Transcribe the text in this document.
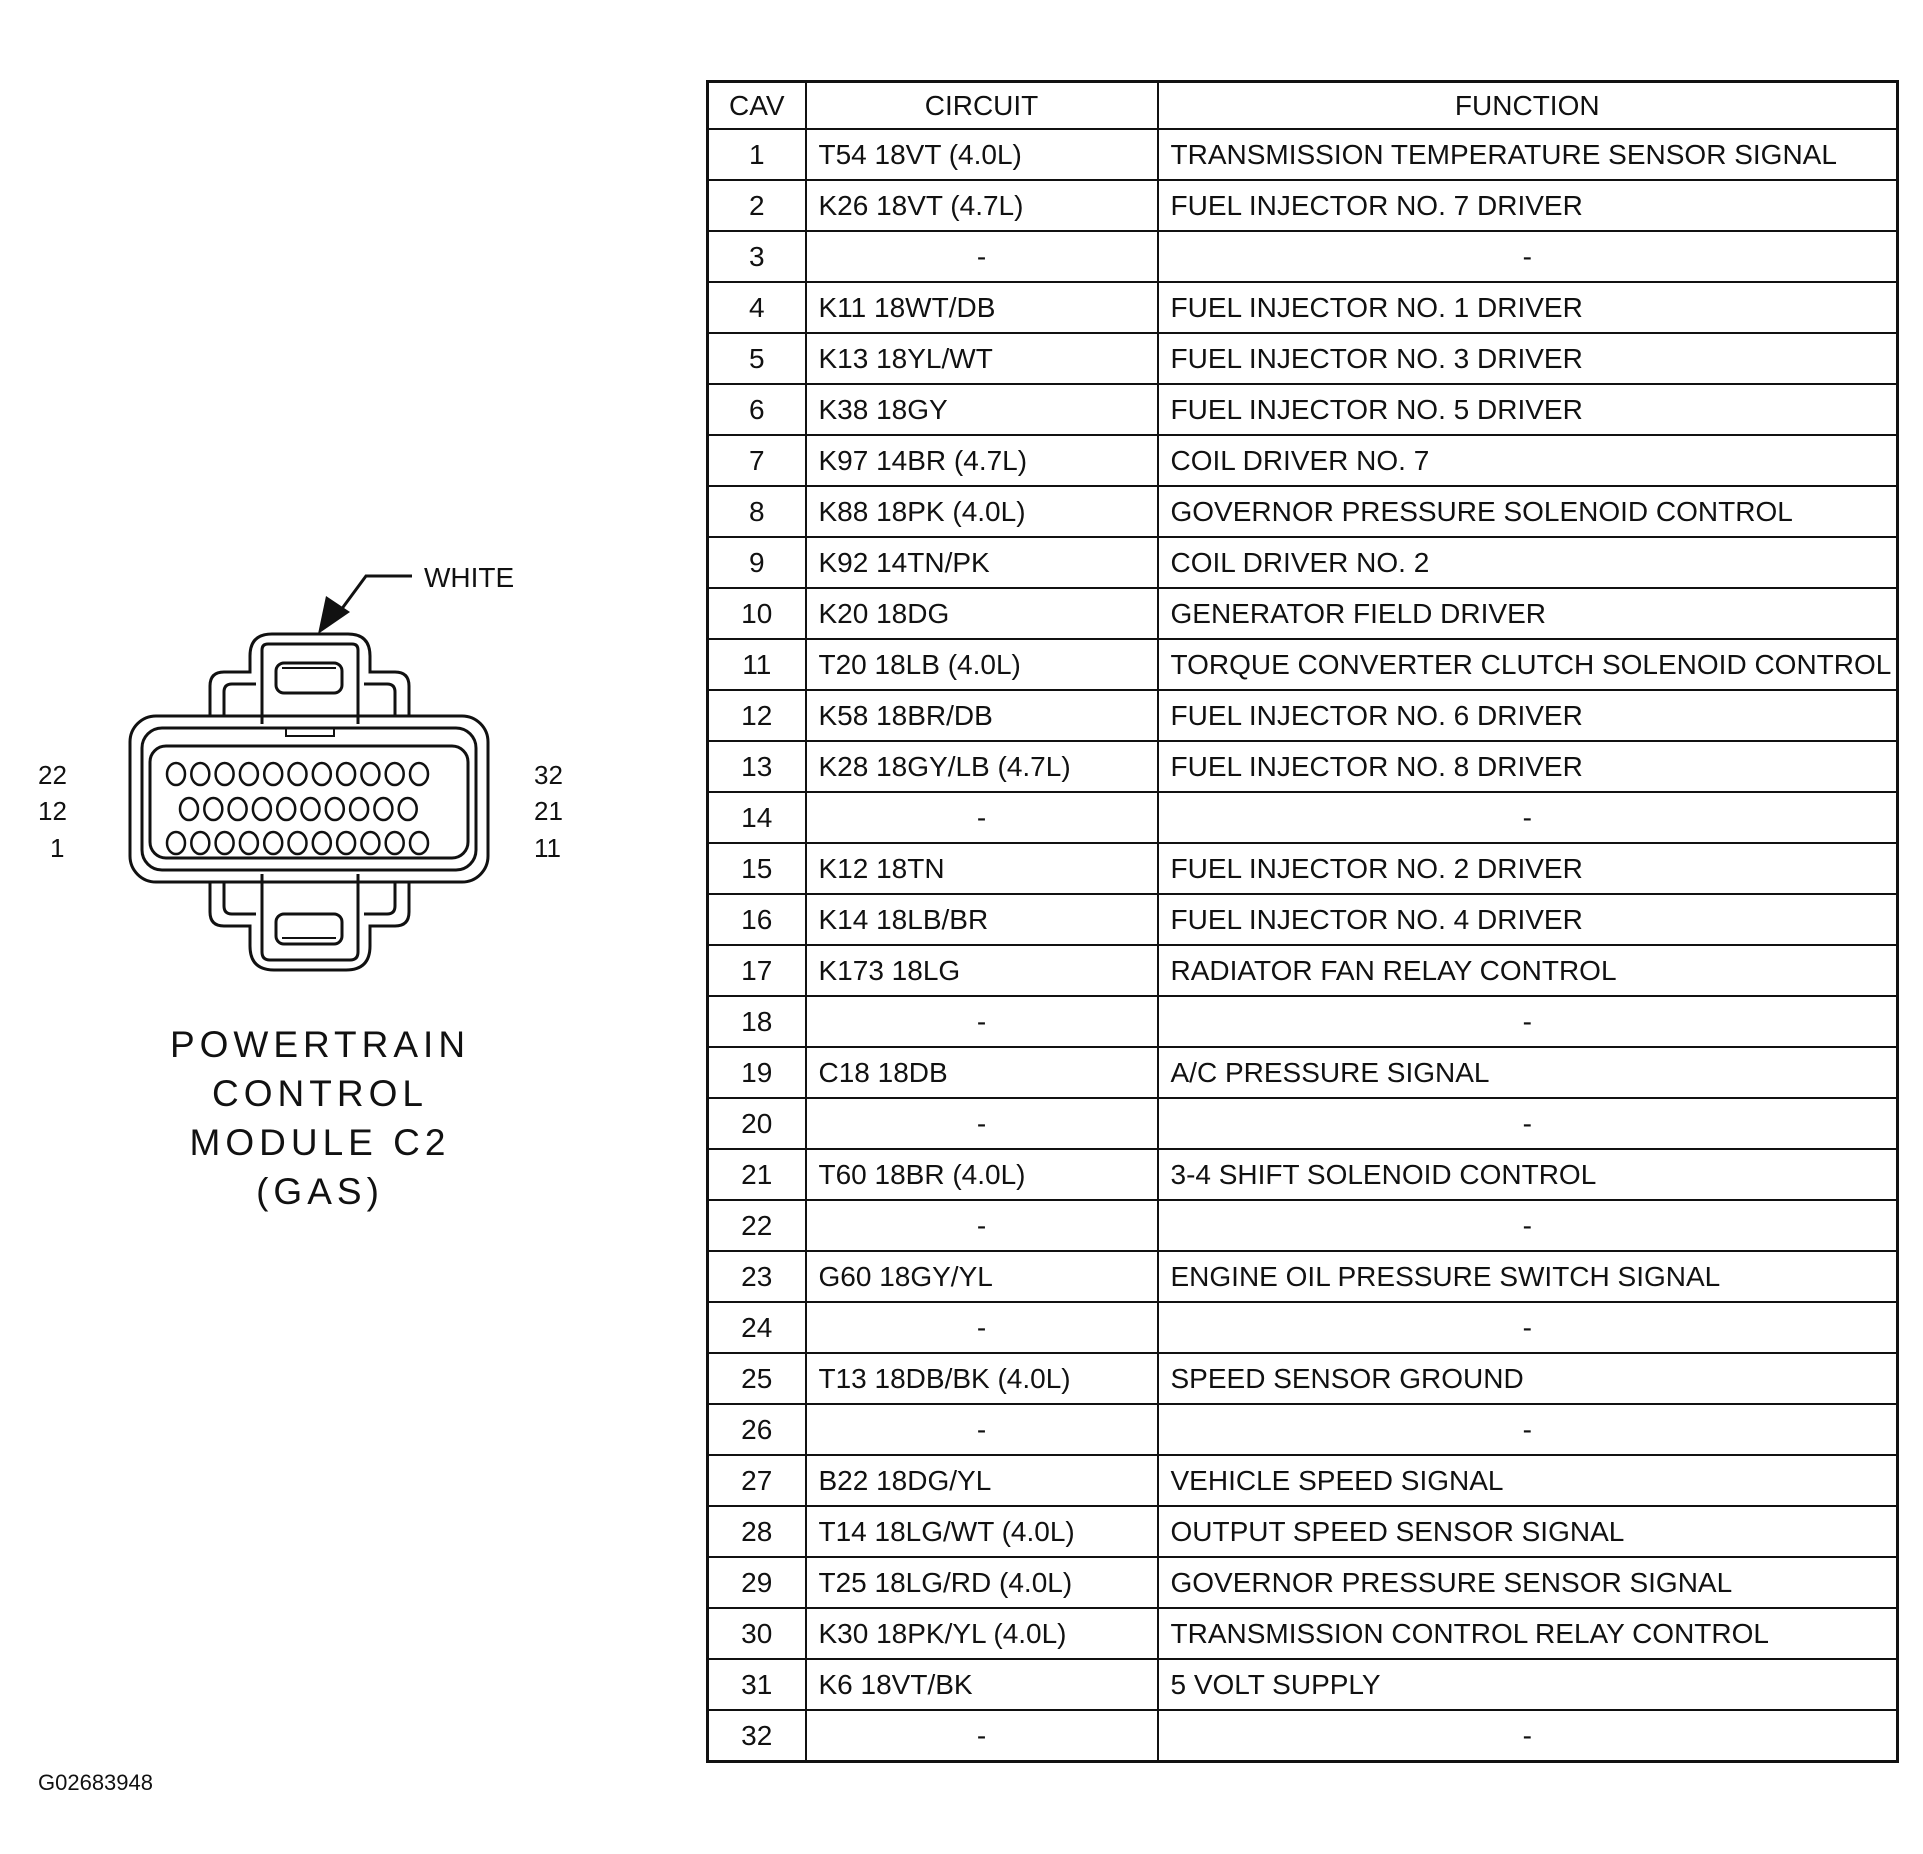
WHITE
22
12
1
32
21
11
POWERTRAIN
CONTROL
MODULE C2
(GAS)
G02683948
CAV	CIRCUIT	FUNCTION
1	T54 18VT (4.0L)	TRANSMISSION TEMPERATURE SENSOR SIGNAL
2	K26 18VT (4.7L)	FUEL INJECTOR NO. 7 DRIVER
3	-	-
4	K11 18WT/DB	FUEL INJECTOR NO. 1 DRIVER
5	K13 18YL/WT	FUEL INJECTOR NO. 3 DRIVER
6	K38 18GY	FUEL INJECTOR NO. 5 DRIVER
7	K97 14BR (4.7L)	COIL DRIVER NO. 7
8	K88 18PK (4.0L)	GOVERNOR PRESSURE SOLENOID CONTROL
9	K92 14TN/PK	COIL DRIVER NO. 2
10	K20 18DG	GENERATOR FIELD DRIVER
11	T20 18LB (4.0L)	TORQUE CONVERTER CLUTCH SOLENOID CONTROL
12	K58 18BR/DB	FUEL INJECTOR NO. 6 DRIVER
13	K28 18GY/LB (4.7L)	FUEL INJECTOR NO. 8 DRIVER
14	-	-
15	K12 18TN	FUEL INJECTOR NO. 2 DRIVER
16	K14 18LB/BR	FUEL INJECTOR NO. 4 DRIVER
17	K173 18LG	RADIATOR FAN RELAY CONTROL
18	-	-
19	C18 18DB	A/C PRESSURE SIGNAL
20	-	-
21	T60 18BR (4.0L)	3-4 SHIFT SOLENOID CONTROL
22	-	-
23	G60 18GY/YL	ENGINE OIL PRESSURE SWITCH SIGNAL
24	-	-
25	T13 18DB/BK (4.0L)	SPEED SENSOR GROUND
26	-	-
27	B22 18DG/YL	VEHICLE SPEED SIGNAL
28	T14 18LG/WT (4.0L)	OUTPUT SPEED SENSOR SIGNAL
29	T25 18LG/RD (4.0L)	GOVERNOR PRESSURE SENSOR SIGNAL
30	K30 18PK/YL (4.0L)	TRANSMISSION CONTROL RELAY CONTROL
31	K6 18VT/BK	5 VOLT SUPPLY
32	-	-
